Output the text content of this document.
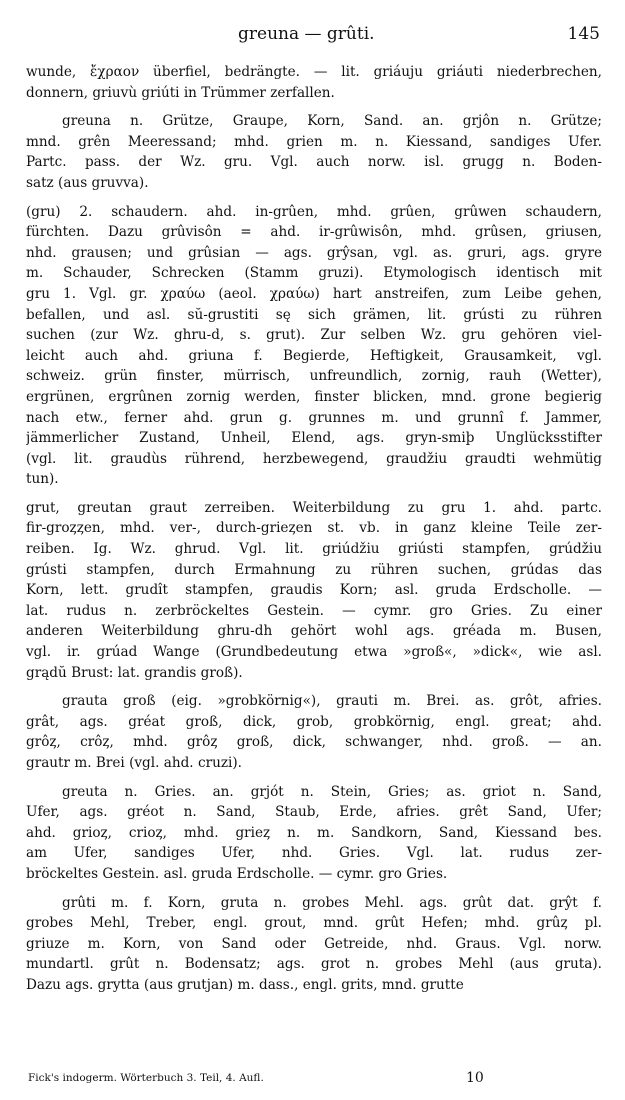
greuna — grûti.	145
wunde, ἔχραον überfiel, bedrängte. — lit. griáuju griáuti niederbrechen,
donnern, griuvù griúti in Trümmer zerfallen.
greuna n. Grütze, Graupe, Korn, Sand. an. grjôn n. Grütze;
mnd. grên Meeressand; mhd. grien m. n. Kiessand, sandiges Ufer.
Partc. pass. der Wz. gru. Vgl. auch norw. isl. grugg n. Boden-
satz (aus gruvva).
(gru) 2. schaudern. ahd. in-grûen, mhd. grûen, grûwen schaudern,
fürchten. Dazu grûvisôn = ahd. ir-grûwisôn, mhd. grûsen, griusen,
nhd. grausen; und grûsian — ags. grŷsan, vgl. as. gruri, ags. gryre
m. Schauder, Schrecken (Stamm gruzi). Etymologisch identisch mit
gru 1. Vgl. gr. χραύω (aeol. χραύω) hart anstreifen, zum Leibe gehen,
befallen, und asl. sŭ-grustiti sę sich grämen, lit. grústi zu rühren
suchen (zur Wz. ghru-d, s. grut). Zur selben Wz. gru gehören viel-
leicht auch ahd. griuna f. Begierde, Heftigkeit, Grausamkeit, vgl.
schweiz. grün finster, mürrisch, unfreundlich, zornig, rauh (Wetter),
ergrünen, ergrûnen zornig werden, finster blicken, mnd. grone begierig
nach etw., ferner ahd. grun g. grunnes m. und grunnî f. Jammer,
jämmerlicher Zustand, Unheil, Elend, ags. gryn-smiþ Unglücksstifter
(vgl. lit. graudùs rührend, herzbewegend, graudžiu graudti wehmütig
tun).
grut, greutan graut zerreiben. Weiterbildung zu gru 1. ahd. partc.
fir-groȥȥen, mhd. ver-, durch-grieȥen st. vb. in ganz kleine Teile zer-
reiben. Ig. Wz. ghrud. Vgl. lit. griúdžiu griústi stampfen, grúdžiu
grústi stampfen, durch Ermahnung zu rühren suchen, grúdas das
Korn, lett. grudît stampfen, graudis Korn; asl. gruda Erdscholle. —
lat. rudus n. zerbröckeltes Gestein. — cymr. gro Gries. Zu einer
anderen Weiterbildung ghru-dh gehört wohl ags. gréada m. Busen,
vgl. ir. grúad Wange (Grundbedeutung etwa »groß«, »dick«, wie asl.
grądŭ Brust: lat. grandis groß).
grauta groß (eig. »grobkörnig«), grauti m. Brei. as. grôt, afries.
grât, ags. gréat groß, dick, grob, grobkörnig, engl. great; ahd.
grôȥ, crôȥ, mhd. grôȥ groß, dick, schwanger, nhd. groß. — an.
grautr m. Brei (vgl. ahd. cruzi).
greuta n. Gries. an. grjót n. Stein, Gries; as. griot n. Sand,
Ufer, ags. gréot n. Sand, Staub, Erde, afries. grêt Sand, Ufer;
ahd. grioȥ, crioȥ, mhd. grieȥ n. m. Sandkorn, Sand, Kiessand bes.
am Ufer, sandiges Ufer, nhd. Gries. Vgl. lat. rudus zer-
bröckeltes Gestein. asl. gruda Erdscholle. — cymr. gro Gries.
grûti m. f. Korn, gruta n. grobes Mehl. ags. grût dat. grŷt f.
grobes Mehl, Treber, engl. grout, mnd. grût Hefen; mhd. grûȥ pl.
griuze m. Korn, von Sand oder Getreide, nhd. Graus. Vgl. norw.
mundartl. grût n. Bodensatz; ags. grot n. grobes Mehl (aus gruta).
Dazu ags. grytta (aus grutjan) m. dass., engl. grits, mnd. grutte
Fick's indogerm. Wörterbuch 3. Teil, 4. Aufl.	10
